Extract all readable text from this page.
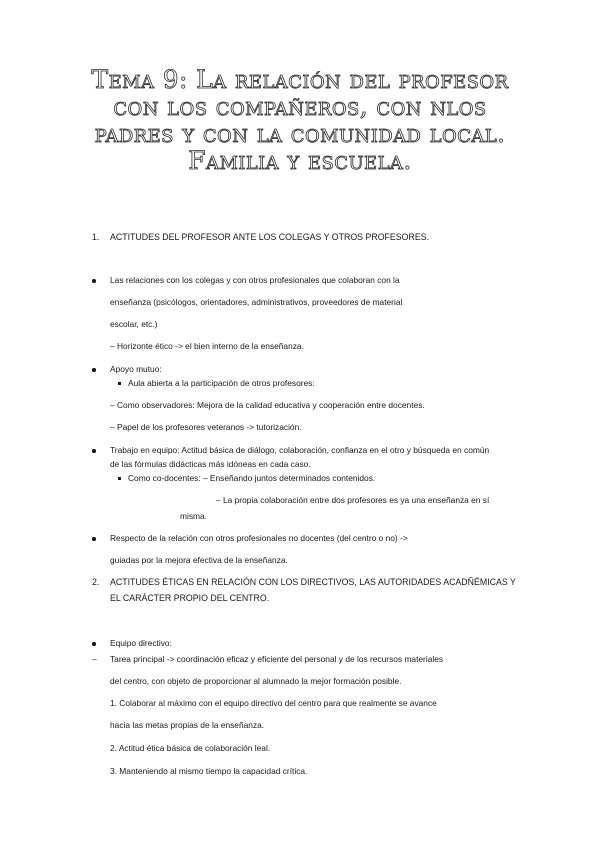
Tema 9: La relación del profesor
con los compañeros, con nlos
padres y con la comunidad local.
Familia y escuela.
1. ACTITUDES DEL PROFESOR ANTE LOS COLEGAS Y OTROS PROFESORES.
Las relaciones con los colegas y con otros profesionales que colaboran con la
enseñanza (psicólogos, orientadores, administrativos, proveedores de material
escolar, etc.)
– Horizonte ético -> el bien interno de la enseñanza.
Apoyo mutuo:
Aula abierta a la participación de otros profesores:
– Como observadores: Mejora de la calidad educativa y cooperación entre docentes.
– Papel de los profesores veteranos -> tutorización.
Trabajo en equipo: Actitud básica de diálogo, colaboración, confianza en el otro y búsqueda en común
de las fórmulas didácticas más idóneas en cada caso.
Como co-docentes: – Enseñando juntos determinados contenidos.
– La propia colaboración entre dos profesores es ya una enseñanza en sí
misma.
Respecto de la relación con otros profesionales no docentes (del centro o no) ->
guiadas por la mejora efectiva de la enseñanza.
2. ACTITUDES ÉTICAS EN RELACIÓN CON LOS DIRECTIVOS, LAS AUTORIDADES ACADÑÉMICAS Y
EL CARÁCTER PROPIO DEL CENTRO.
Equipo directivo:
– Tarea principal -> coordinación eficaz y eficiente del personal y de los recursos materiales
del centro, con objeto de proporcionar al alumnado la mejor formación posible.
1. Colaborar al máximo con el equipo directivo del centro para que realmente se avance
hacia las metas propias de la enseñanza.
2. Actitud ética básica de colaboración leal.
3. Manteniendo al mismo tiempo la capacidad crítica.
